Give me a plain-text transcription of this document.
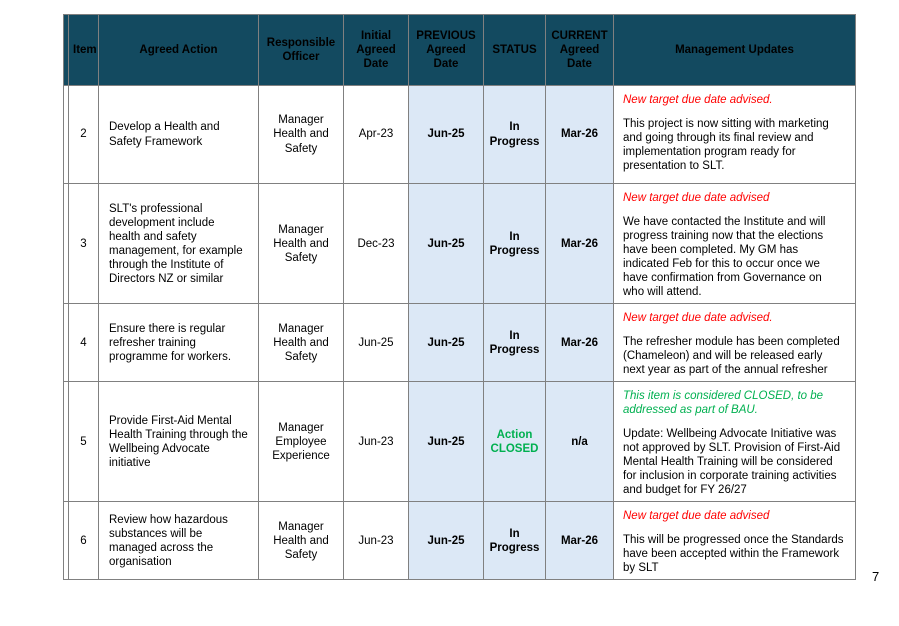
	Item	Agreed Action	Responsible Officer	Initial Agreed Date	PREVIOUS Agreed Date	STATUS	CURRENT Agreed Date	Management Updates
	2	Develop a Health and Safety Framework	Manager Health and Safety	Apr-23	Jun-25	In Progress	Mar-26	New target due date advised.

This project is now sitting with marketing and going through its final review and implementation program ready for presentation to SLT.

	3	SLT's professional development include health and safety management, for example through the Institute of Directors NZ or similar	Manager Health and Safety	Dec-23	Jun-25	In Progress	Mar-26	New target due date advised

We have contacted the Institute and will progress training now that the elections have been completed. My GM has indicated Feb for this to occur once we have confirmation from Governance on who will attend.

	4	Ensure there is regular refresher training programme for workers.	Manager Health and Safety	Jun-25	Jun-25	In Progress	Mar-26	New target due date advised.

The refresher module has been completed (Chameleon) and will be released early next year as part of the annual refresher

	5	Provide First-Aid Mental Health Training through the Wellbeing Advocate initiative	Manager Employee Experience	Jun-23	Jun-25	Action CLOSED	n/a	This item is considered CLOSED, to be addressed as part of BAU.

Update: Wellbeing Advocate Initiative was not approved by SLT. Provision of First-Aid Mental Health Training will be considered for inclusion in corporate training activities and budget for FY 26/27

	6	Review how hazardous substances will be managed across the organisation	Manager Health and Safety	Jun-23	Jun-25	In Progress	Mar-26	New target due date advised

This will be progressed once the Standards have been accepted within the Framework by SLT

7
